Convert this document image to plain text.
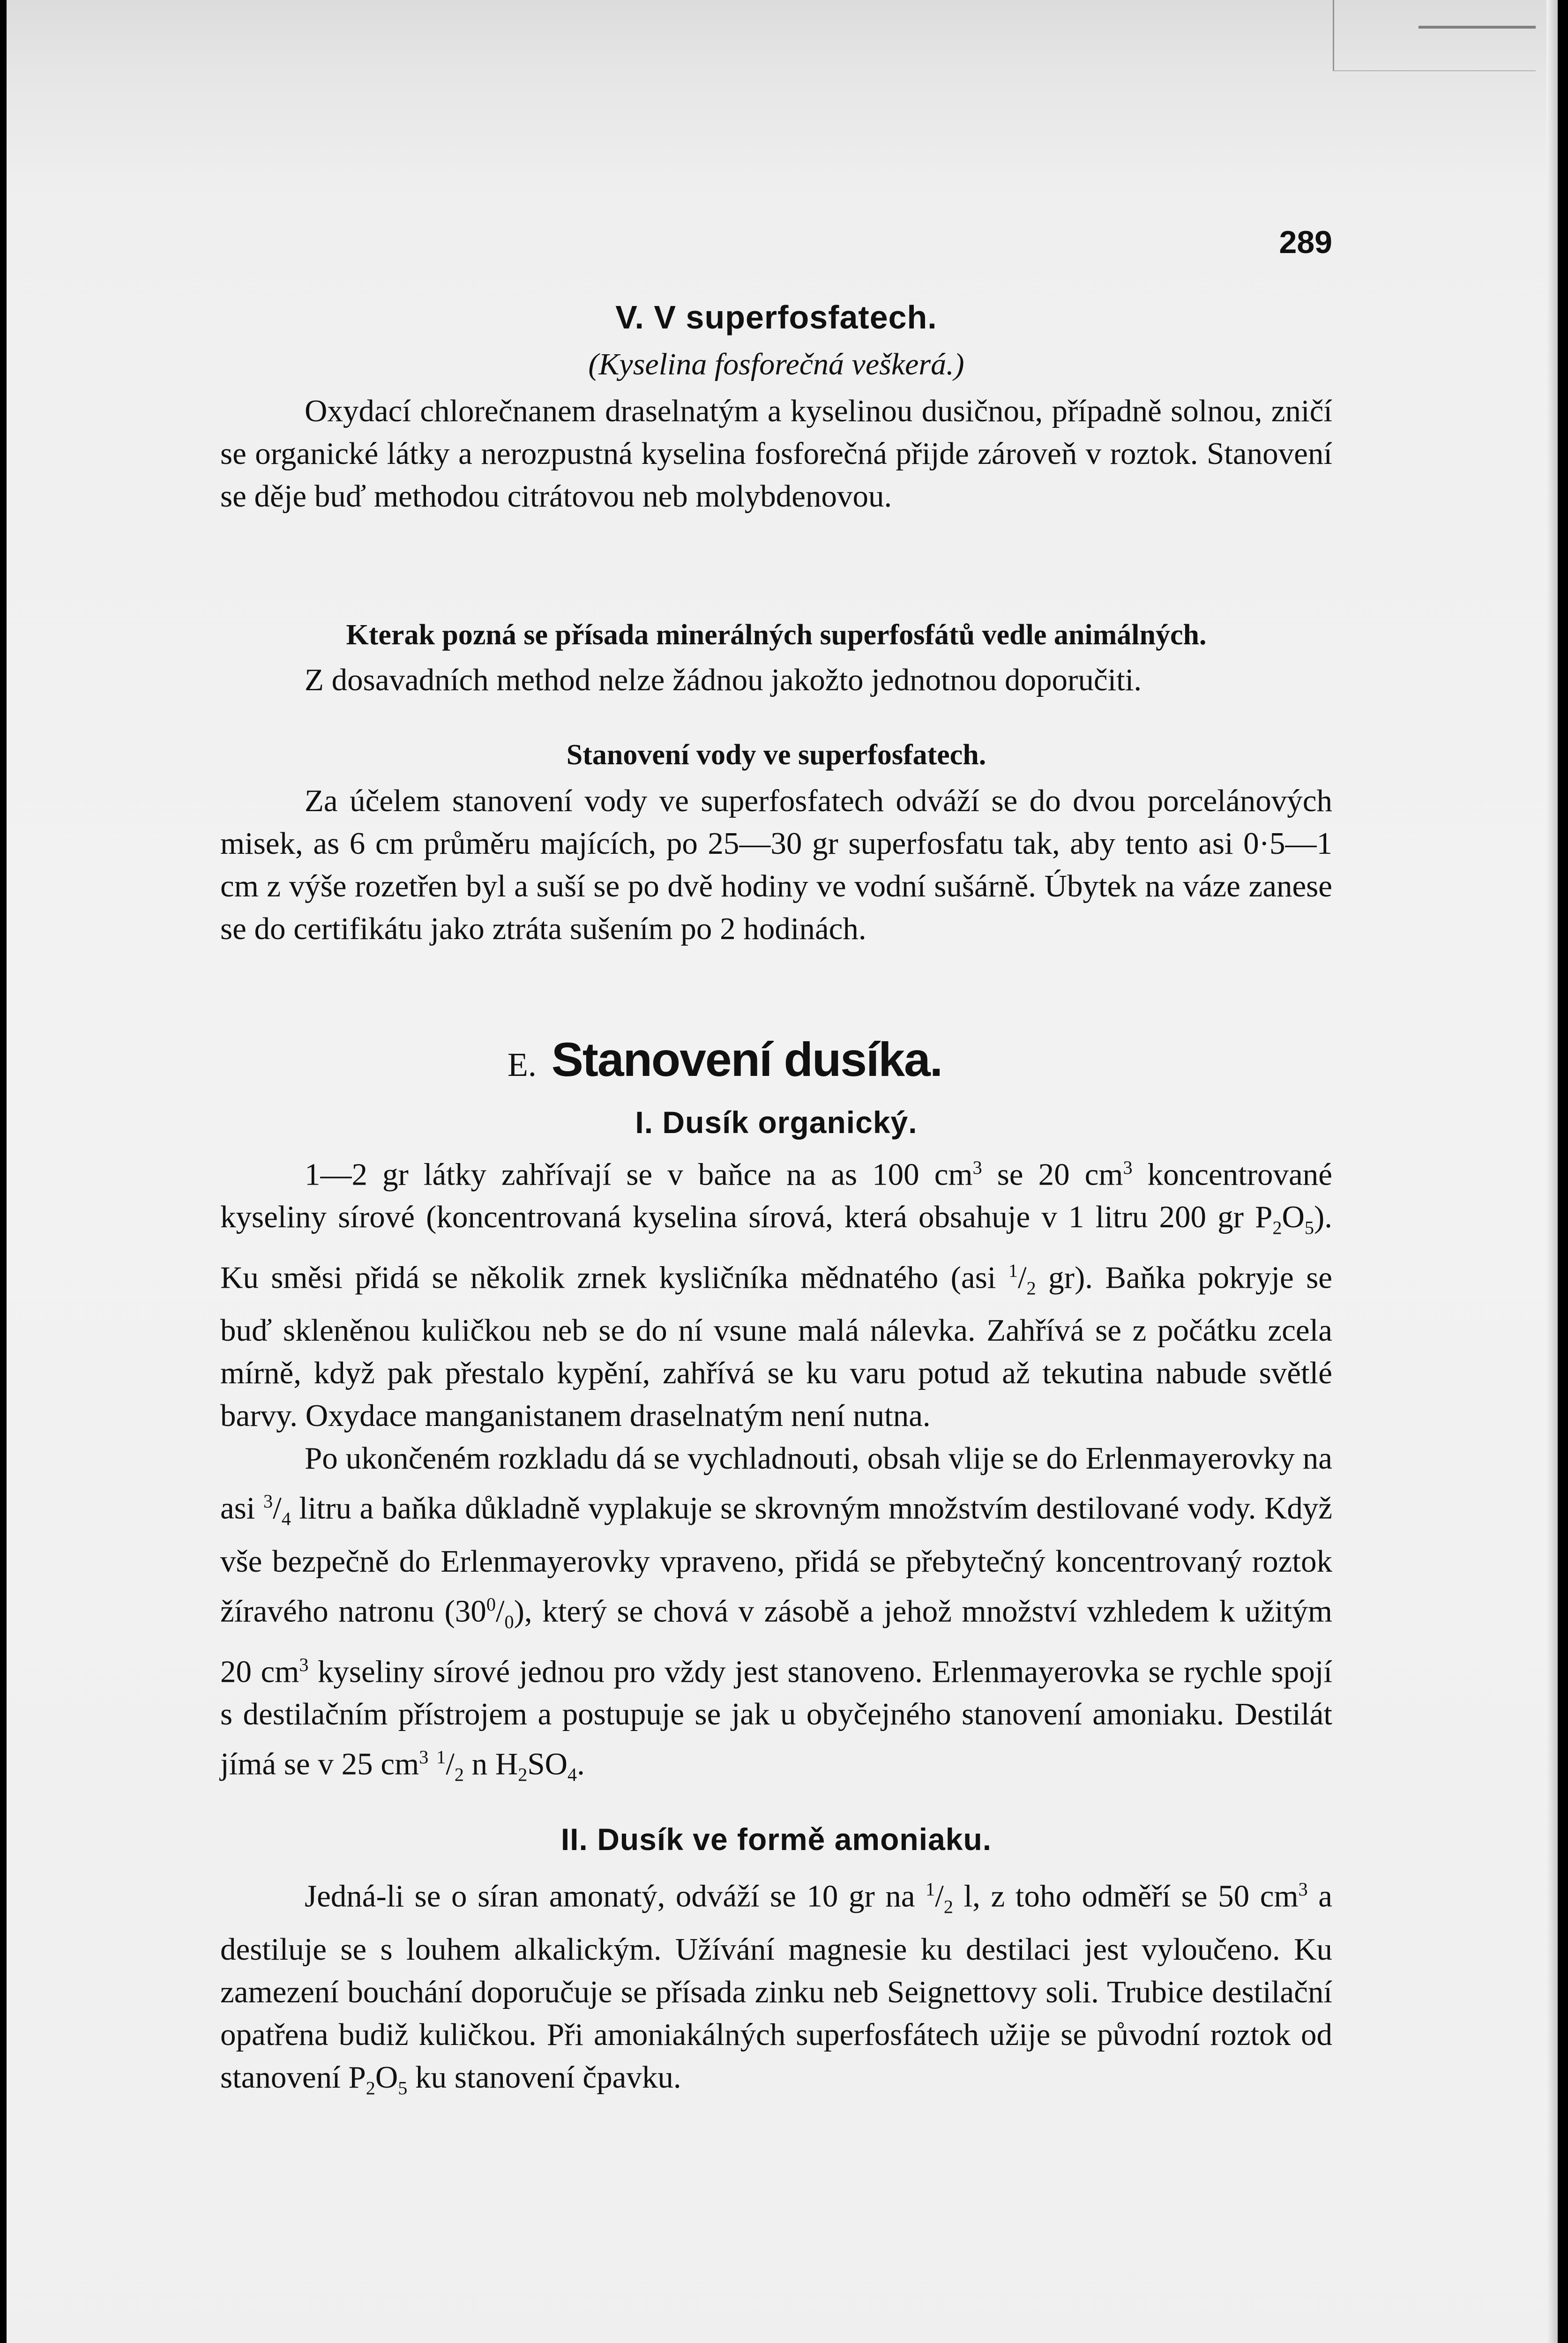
289
V. V superfosfatech.
(Kyselina fosforečná veškerá.)

Oxydací chlorečnanem draselnatým a kyselinou dusičnou, případně solnou, zničí se organické látky a nerozpustná kyselina fosforečná přijde zároveň v roztok. Stanovení se děje buď methodou citrátovou neb molybdenovou.

Kterak pozná se přísada minerálných superfosfátů vedle animálných.

Z dosavadních method nelze žádnou jakožto jednotnou doporučiti.

Stanovení vody ve superfosfatech.

Za účelem stanovení vody ve superfosfatech odváží se do dvou porcelánových misek, as 6 cm průměru majících, po 25—30 gr superfosfatu tak, aby tento asi 0·5—1 cm z výše rozetřen byl a suší se po dvě hodiny ve vodní sušárně. Úbytek na váze zanese se do certifikátu jako ztráta sušením po 2 hodinách.

E. Stanovení dusíka.
I. Dusík organický.

1—2 gr látky zahřívají se v baňce na as 100 $cm^3$ se 20 $cm^3$ koncentrované kyseliny sírové (koncentrovaná kyselina sírová, která obsahuje v 1 litru 200 gr $P_2O_5$). Ku směsi přidá se několik zrnek kysličníka mědnatého (asi $^1/_2$ gr). Baňka pokryje se buď skleněnou kuličkou neb se do ní vsune malá nálevka. Zahřívá se z počátku zcela mírně, když pak přestalo kypění, zahřívá se ku varu potud až tekutina nabude světlé barvy. Oxydace manganistanem draselnatým není nutna.

Po ukončeném rozkladu dá se vychladnouti, obsah vlije se do Erlenmayerovky na asi $^3/_4$ litru a baňka důkladně vyplakuje se skrovným množstvím destilované vody. Když vše bezpečně do Erlenmayerovky vpraveno, přidá se přebytečný koncentrovaný roztok žíravého natronu $(30^0/_0)$, který se chová v zásobě a jehož množství vzhledem k užitým 20 $cm^3$ kyseliny sírové jednou pro vždy jest stanoveno. Erlenmayerovka se rychle spojí s destilačním přístrojem a postupuje se jak u obyčejného stanovení amoniaku. Destilát jímá se v 25 $cm^3$ $^1/_2$ n $H_2SO_4$.

II. Dusík ve formě amoniaku.

Jedná-li se o síran amonatý, odváží se 10 gr na $^1/_2$ l, z toho odměří se 50 $cm^3$ a destiluje se s louhem alkalickým. Užívání magnesie ku destilaci jest vyloučeno. Ku zamezení bouchání doporučuje se přísada zinku neb Seignettovy soli. Trubice destilační opatřena budiž kuličkou. Při amoniakálných superfosfátech užije se původní roztok od stanovení $P_2O_5$ ku stanovení čpavku.
